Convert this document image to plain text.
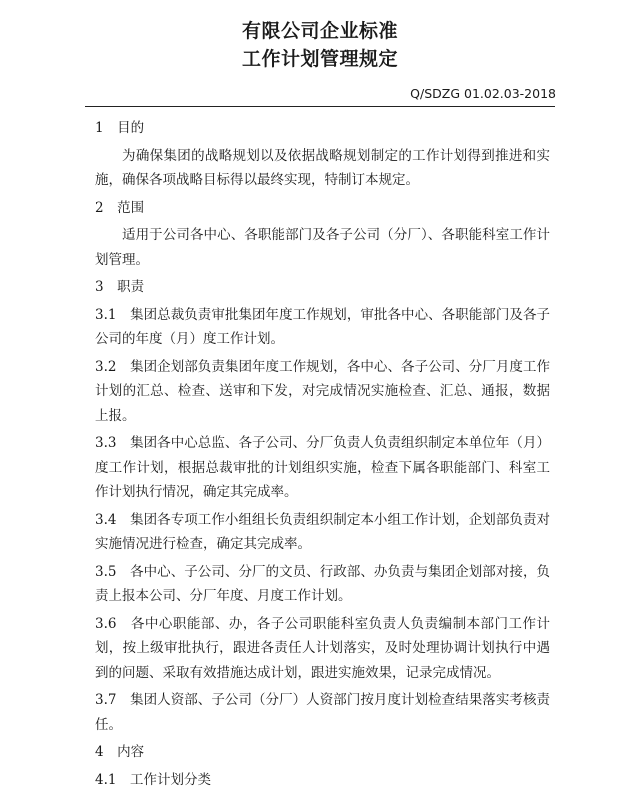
有限公司企业标准
工作计划管理规定
Q/SDZG 01.02.03-2018

1　目的

为确保集团的战略规划以及依据战略规划制定的工作计划得到推进和实施，确保各项战略目标得以最终实现，特制订本规定。

2　范围

适用于公司各中心、各职能部门及各子公司（分厂）、各职能科室工作计划管理。

3　职责

3.1　集团总裁负责审批集团年度工作规划，审批各中心、各职能部门及各子公司的年度（月）度工作计划。

3.2　集团企划部负责集团年度工作规划，各中心、各子公司、分厂月度工作计划的汇总、检查、送审和下发，对完成情况实施检查、汇总、通报，数据上报。

3.3　集团各中心总监、各子公司、分厂负责人负责组织制定本单位年（月）度工作计划，根据总裁审批的计划组织实施，检查下属各职能部门、科室工作计划执行情况，确定其完成率。

3.4　集团各专项工作小组组长负责组织制定本小组工作计划，企划部负责对实施情况进行检查，确定其完成率。

3.5　各中心、子公司、分厂的文员、行政部、办负责与集团企划部对接，负责上报本公司、分厂年度、月度工作计划。

3.6　各中心职能部、办，各子公司职能科室负责人负责编制本部门工作计划，按上级审批执行，跟进各责任人计划落实，及时处理协调计划执行中遇到的问题、采取有效措施达成计划，跟进实施效果，记录完成情况。

3.7　集团人资部、子公司（分厂）人资部门按月度计划检查结果落实考核责任。

4　内容

4.1　工作计划分类
